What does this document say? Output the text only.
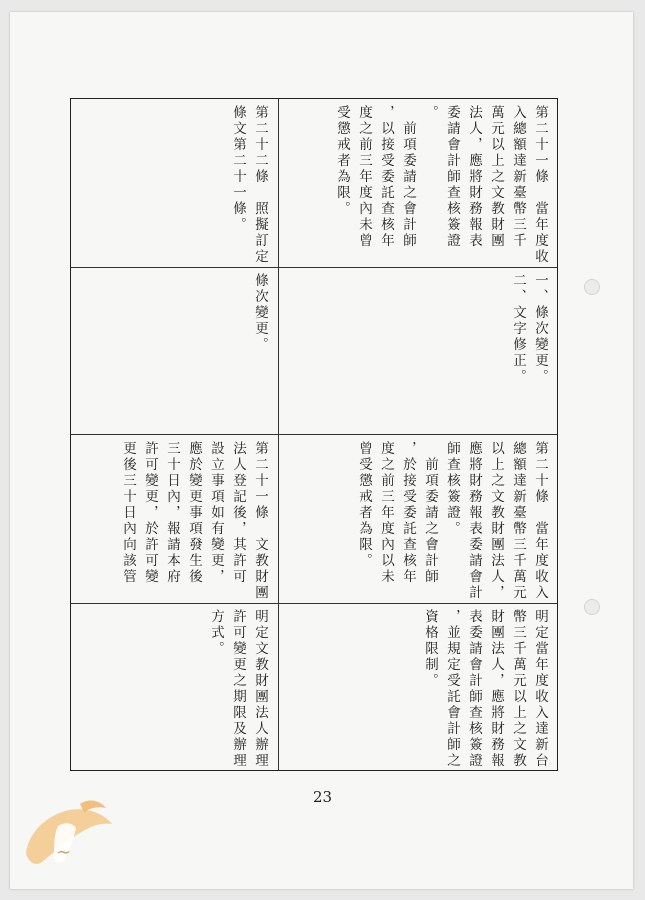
第二十一條　當年度收
入總額達新臺幣三千
萬元以上之文教財團
法人，應將財務報表
委請會計師查核簽證
。
　前項委請之會計師
，以接受委託查核年
度之前三年度內未曾
受懲戒者為限。
一、條次變更。
二、文字修正。
第二十二條　照擬訂定
條文第二十一條。
條次變更。
第二十條　當年度收入
總額達新臺幣三千萬元
以上之文教財團法人，
應將財務報表委請會計
師查核簽證。
　前項委請之會計師
，於接受委託查核年
度之前三年度內以未
曾受懲戒者為限。
明定當年度收入達新台
幣三千萬元以上之文教
財團法人，應將財務報
表委請會計師查核簽證
，並規定受託會計師之
資格限制。
第二十一條　文教財團
法人登記後，其許可
設立事項如有變更，
應於變更事項發生後
三十日內，報請本府
許可變更，於許可變
更後三十日內向該管
明定文教財團法人辦理
許可變更之期限及辦理
方式。
23
∼
